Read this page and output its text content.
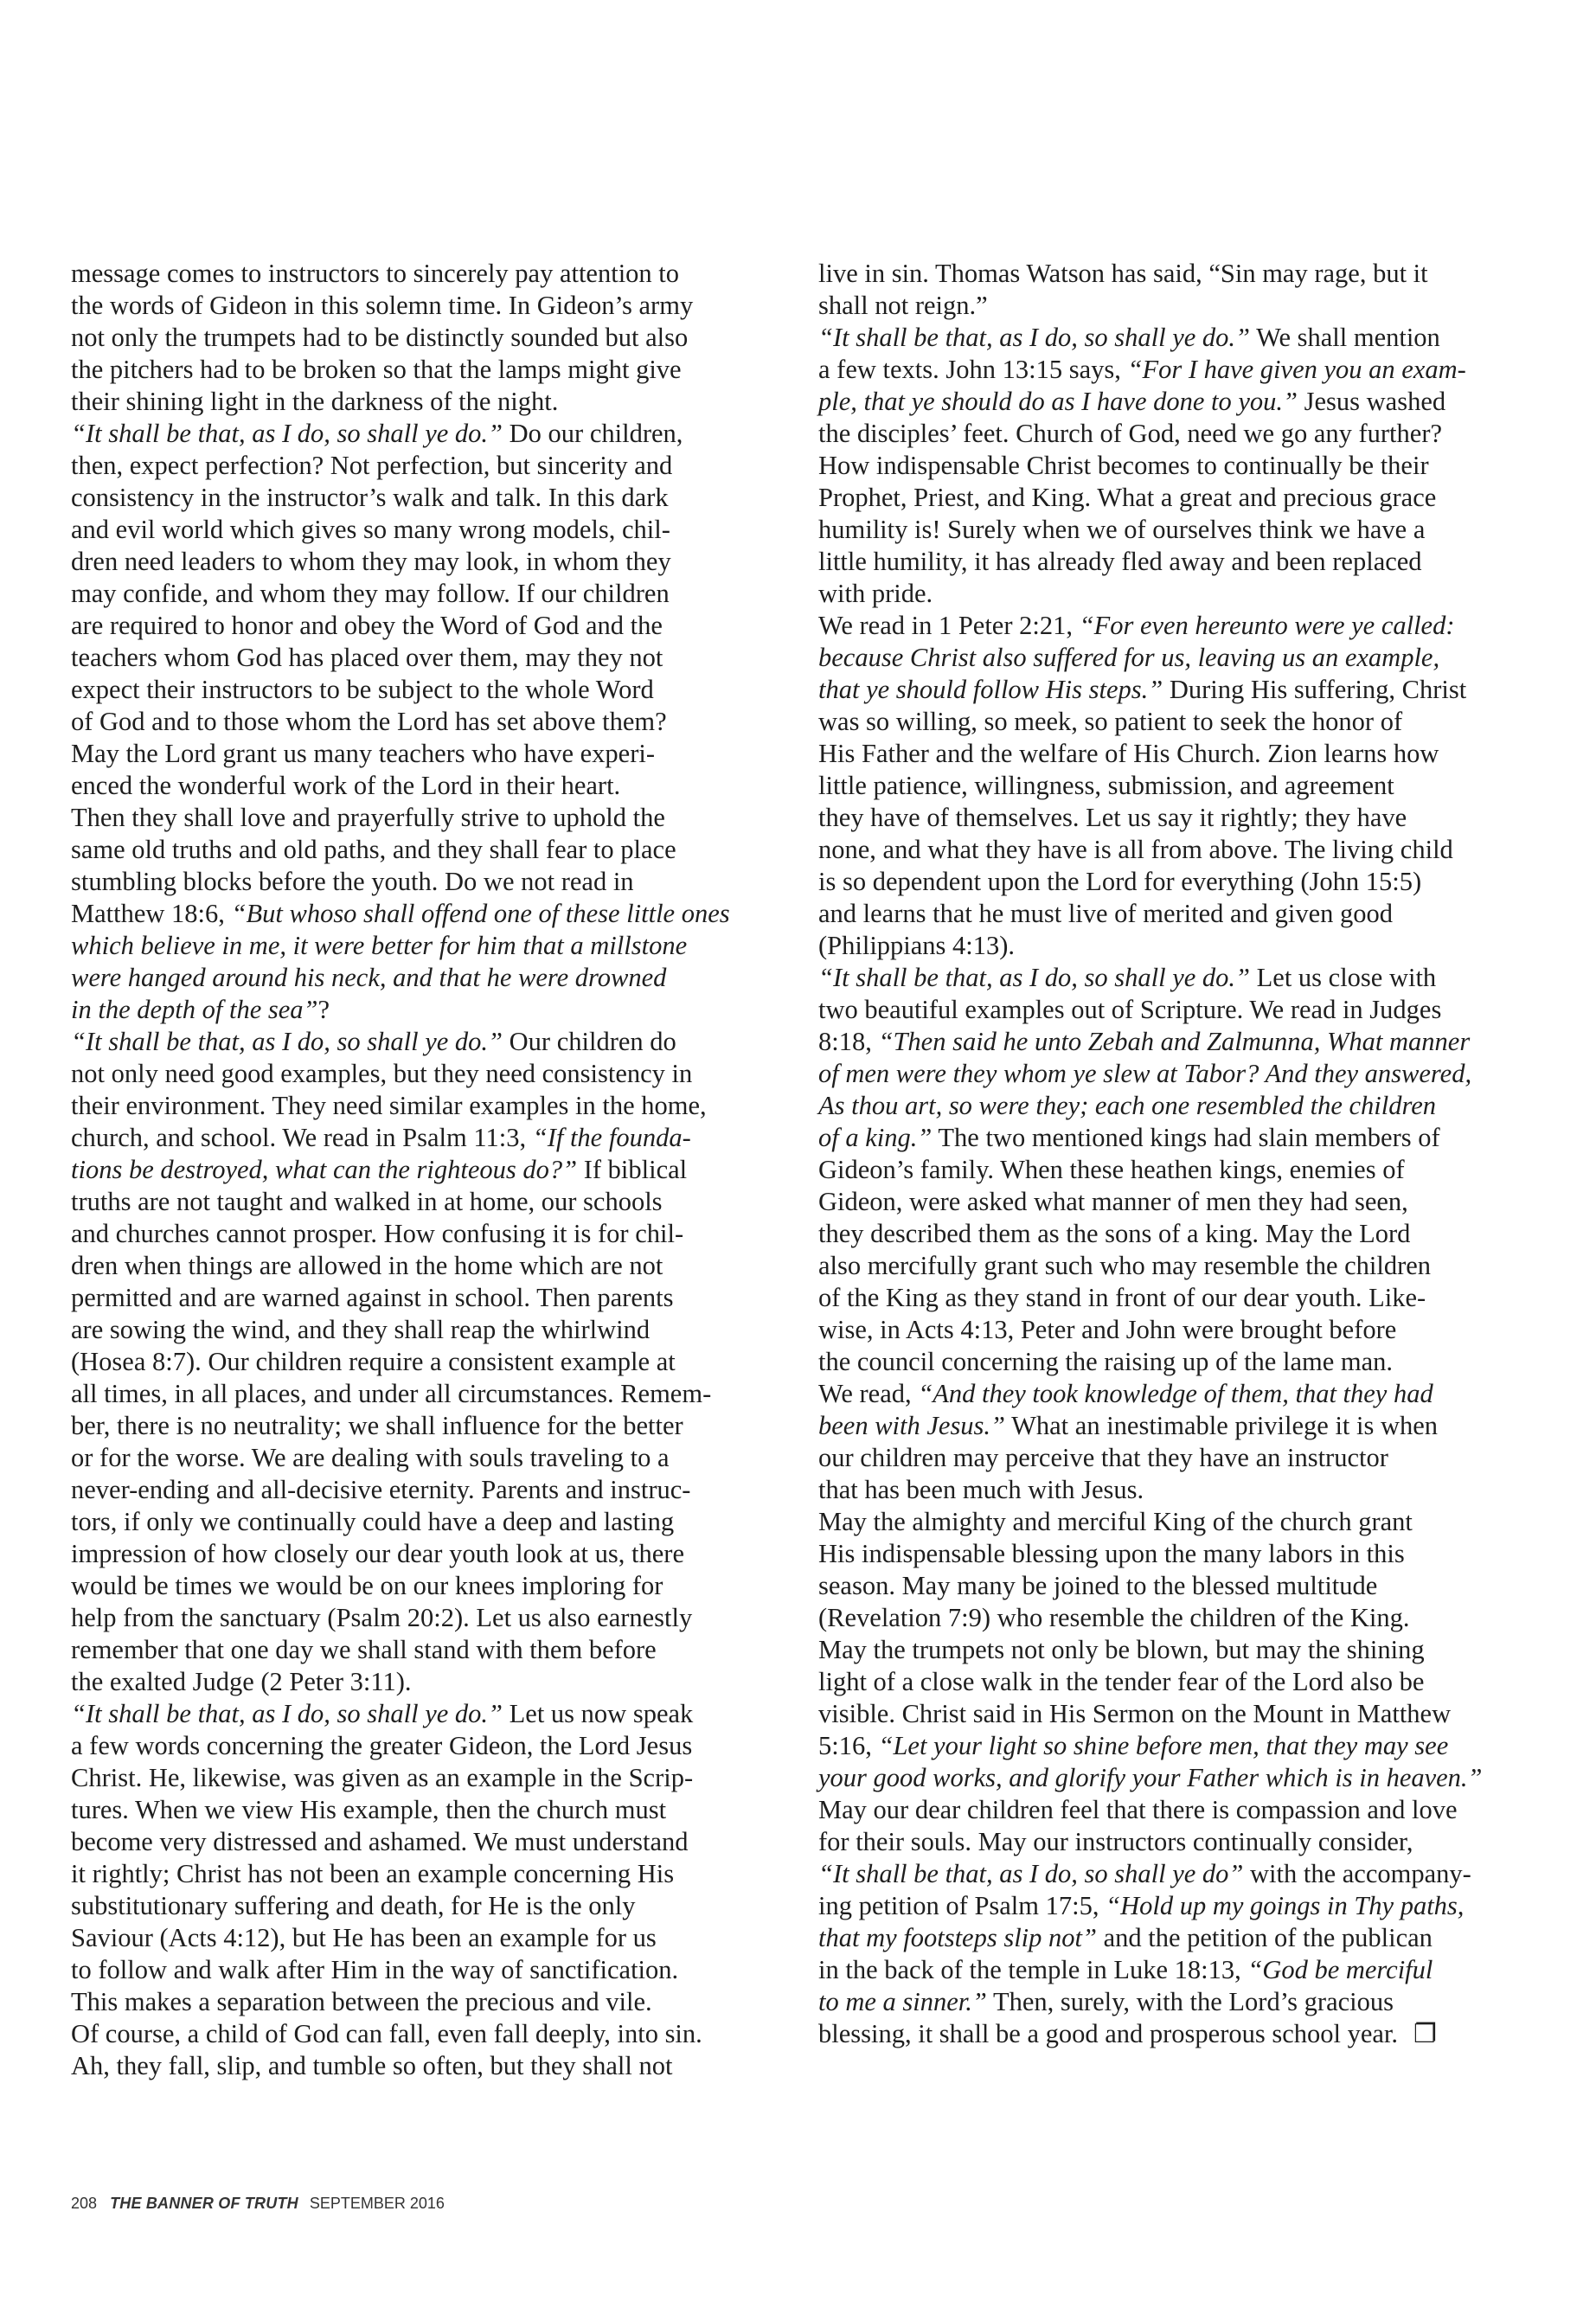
message comes to instructors to sincerely pay attention to
the words of Gideon in this solemn time. In Gideon’s army
not only the trumpets had to be distinctly sounded but also
the pitchers had to be broken so that the lamps might give
their shining light in the darkness of the night.
“It shall be that, as I do, so shall ye do.” Do our children,
then, expect perfection? Not perfection, but sincerity and
consistency in the instructor’s walk and talk. In this dark
and evil world which gives so many wrong models, chil-
dren need leaders to whom they may look, in whom they
may confide, and whom they may follow. If our children
are required to honor and obey the Word of God and the
teachers whom God has placed over them, may they not
expect their instructors to be subject to the whole Word
of God and to those whom the Lord has set above them?
May the Lord grant us many teachers who have experi-
enced the wonderful work of the Lord in their heart.
Then they shall love and prayerfully strive to uphold the
same old truths and old paths, and they shall fear to place
stumbling blocks before the youth. Do we not read in
Matthew 18:6, “But whoso shall offend one of these little ones
which believe in me, it were better for him that a millstone
were hanged around his neck, and that he were drowned
in the depth of the sea”?
“It shall be that, as I do, so shall ye do.” Our children do
not only need good examples, but they need consistency in
their environment. They need similar examples in the home,
church, and school. We read in Psalm 11:3, “If the founda-
tions be destroyed, what can the righteous do?” If biblical
truths are not taught and walked in at home, our schools
and churches cannot prosper. How confusing it is for chil-
dren when things are allowed in the home which are not
permitted and are warned against in school. Then parents
are sowing the wind, and they shall reap the whirlwind
(Hosea 8:7). Our children require a consistent example at
all times, in all places, and under all circumstances. Remem-
ber, there is no neutrality; we shall influence for the better
or for the worse. We are dealing with souls traveling to a
never-ending and all-decisive eternity. Parents and instruc-
tors, if only we continually could have a deep and lasting
impression of how closely our dear youth look at us, there
would be times we would be on our knees imploring for
help from the sanctuary (Psalm 20:2). Let us also earnestly
remember that one day we shall stand with them before
the exalted Judge (2 Peter 3:11).
“It shall be that, as I do, so shall ye do.” Let us now speak
a few words concerning the greater Gideon, the Lord Jesus
Christ. He, likewise, was given as an example in the Scrip-
tures. When we view His example, then the church must
become very distressed and ashamed. We must understand
it rightly; Christ has not been an example concerning His
substitutionary suffering and death, for He is the only
Saviour (Acts 4:12), but He has been an example for us
to follow and walk after Him in the way of sanctification.
This makes a separation between the precious and vile.
Of course, a child of God can fall, even fall deeply, into sin.
Ah, they fall, slip, and tumble so often, but they shall not
live in sin. Thomas Watson has said, “Sin may rage, but it
shall not reign.”
“It shall be that, as I do, so shall ye do.” We shall mention
a few texts. John 13:15 says, “For I have given you an exam-
ple, that ye should do as I have done to you.” Jesus washed
the disciples’ feet. Church of God, need we go any further?
How indispensable Christ becomes to continually be their
Prophet, Priest, and King. What a great and precious grace
humility is! Surely when we of ourselves think we have a
little humility, it has already fled away and been replaced
with pride.
We read in 1 Peter 2:21, “For even hereunto were ye called:
because Christ also suffered for us, leaving us an example,
that ye should follow His steps.” During His suffering, Christ
was so willing, so meek, so patient to seek the honor of
His Father and the welfare of His Church. Zion learns how
little patience, willingness, submission, and agreement
they have of themselves. Let us say it rightly; they have
none, and what they have is all from above. The living child
is so dependent upon the Lord for everything (John 15:5)
and learns that he must live of merited and given good
(Philippians 4:13).
“It shall be that, as I do, so shall ye do.” Let us close with
two beautiful examples out of Scripture. We read in Judges
8:18, “Then said he unto Zebah and Zalmunna, What manner
of men were they whom ye slew at Tabor? And they answered,
As thou art, so were they; each one resembled the children
of a king.” The two mentioned kings had slain members of
Gideon’s family. When these heathen kings, enemies of
Gideon, were asked what manner of men they had seen,
they described them as the sons of a king. May the Lord
also mercifully grant such who may resemble the children
of the King as they stand in front of our dear youth. Like-
wise, in Acts 4:13, Peter and John were brought before
the council concerning the raising up of the lame man.
We read, “And they took knowledge of them, that they had
been with Jesus.” What an inestimable privilege it is when
our children may perceive that they have an instructor
that has been much with Jesus.
May the almighty and merciful King of the church grant
His indispensable blessing upon the many labors in this
season. May many be joined to the blessed multitude
(Revelation 7:9) who resemble the children of the King.
May the trumpets not only be blown, but may the shining
light of a close walk in the tender fear of the Lord also be
visible. Christ said in His Sermon on the Mount in Matthew
5:16, “Let your light so shine before men, that they may see
your good works, and glorify your Father which is in heaven.”
May our dear children feel that there is compassion and love
for their souls. May our instructors continually consider,
“It shall be that, as I do, so shall ye do” with the accompany-
ing petition of Psalm 17:5, “Hold up my goings in Thy paths,
that my footsteps slip not” and the petition of the publican
in the back of the temple in Luke 18:13, “God be merciful
to me a sinner.” Then, surely, with the Lord’s gracious
blessing, it shall be a good and prosperous school year. ❐
208 THE BANNER OF TRUTH SEPTEMBER 2016
